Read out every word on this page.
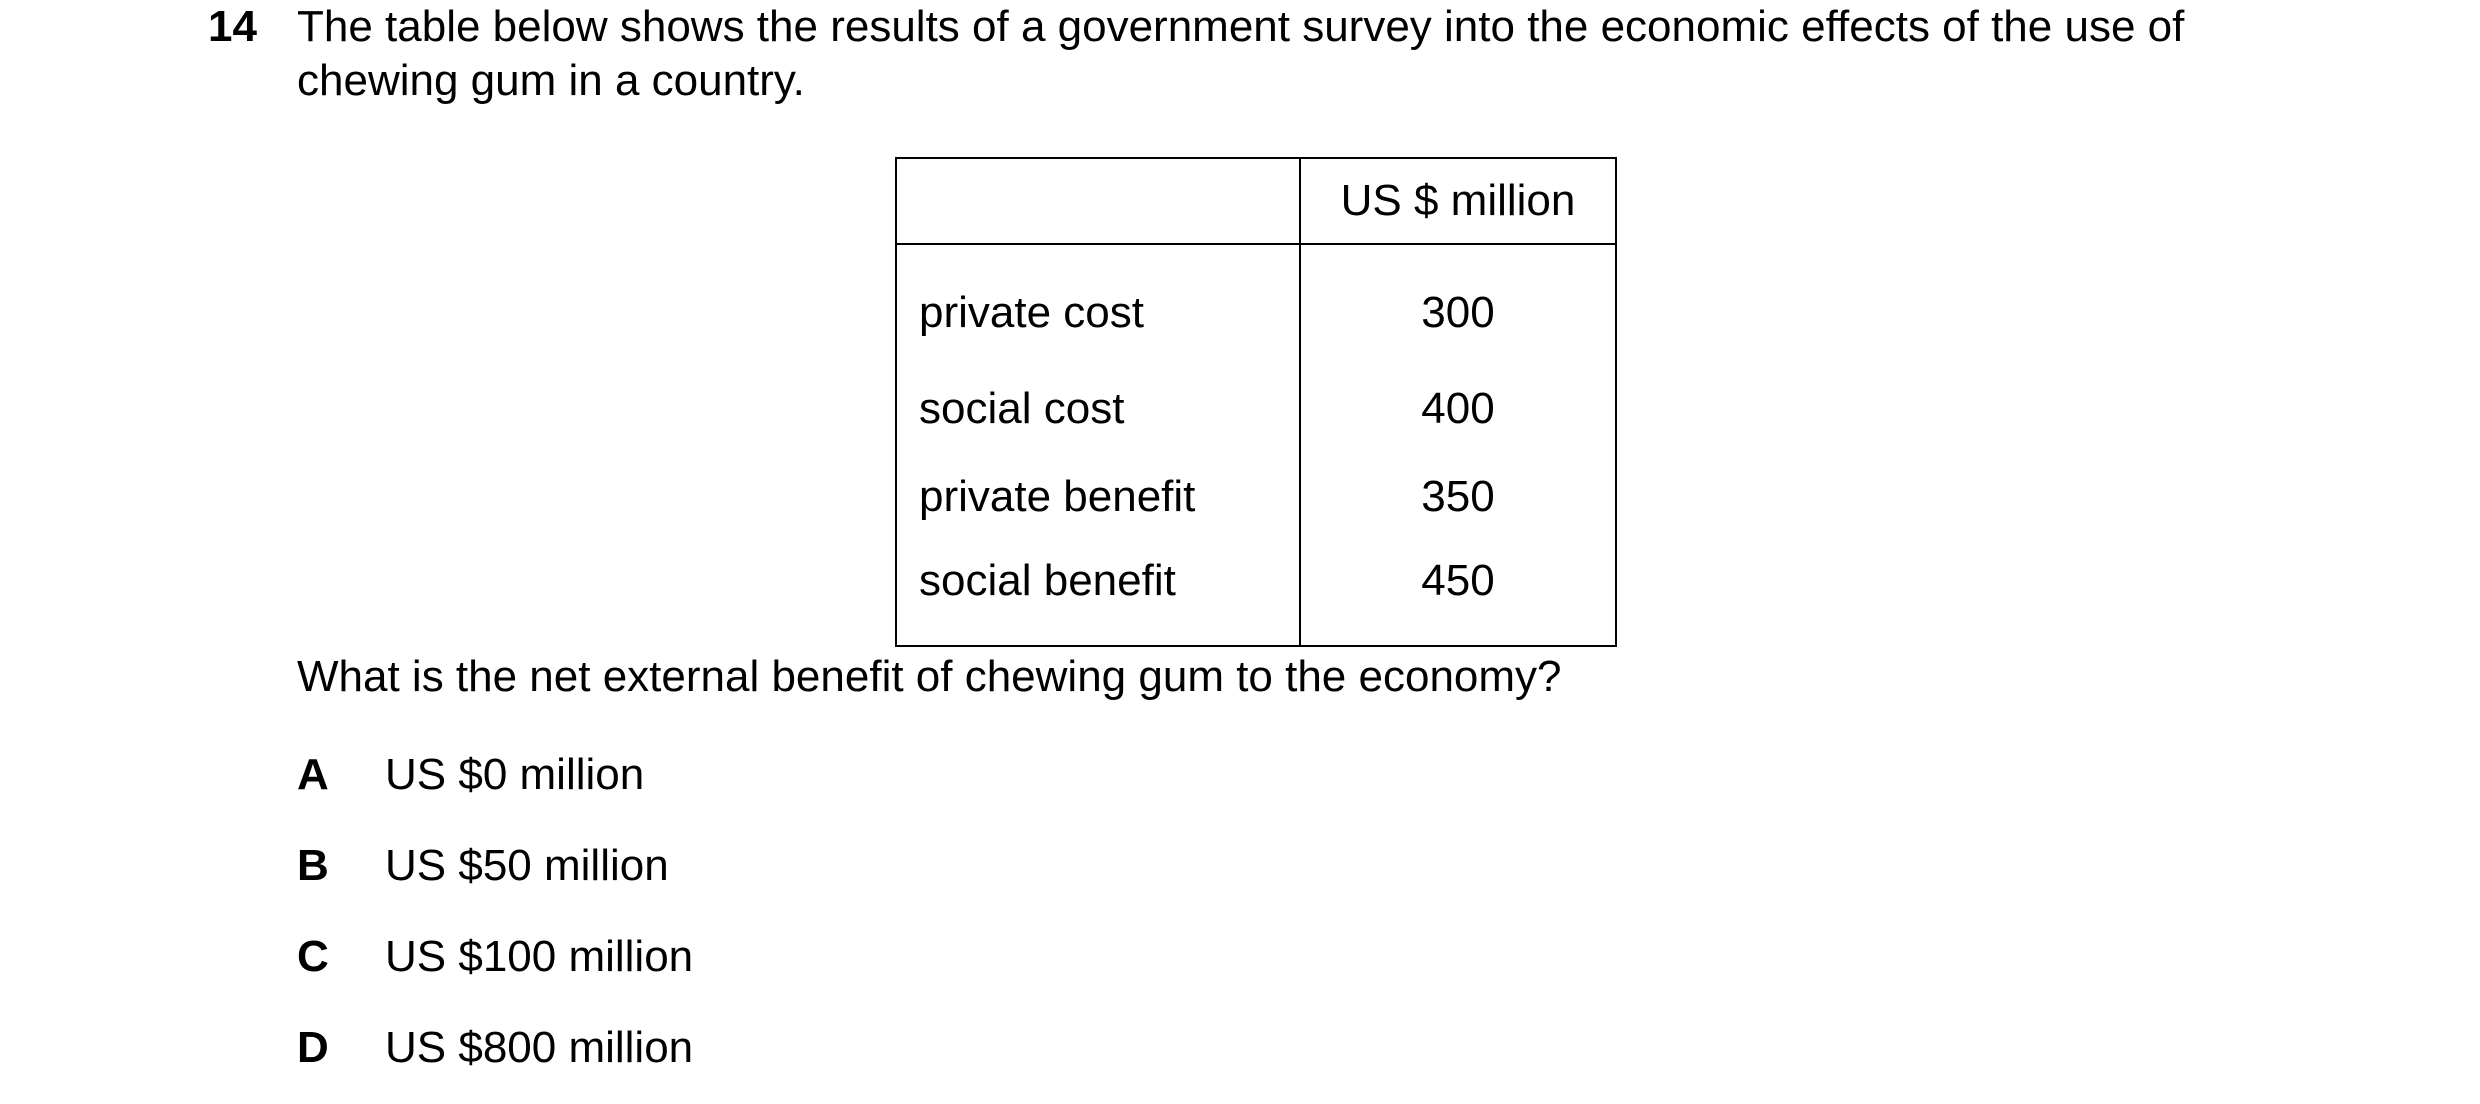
14 The table below shows the results of a government survey into the economic effects of the use of

chewing gum in a country.

	US $ million
private cost	300
social cost	400
private benefit	350
social benefit	450
What is the net external benefit of chewing gum to the economy?
A	US $0 million
B	US $50 million
C	US $100 million
D	US $800 million
